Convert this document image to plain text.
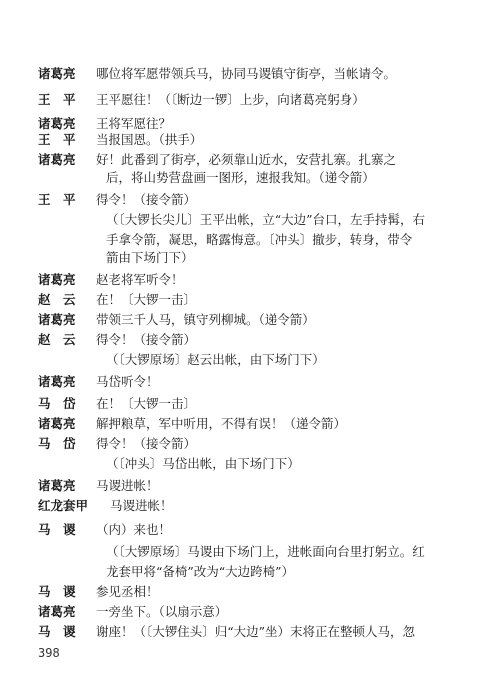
诸葛亮	哪位将军愿带领兵马，协同马谡镇守街亭，当帐请令。
王　平	王平愿往！（〔断边一锣〕上步，向诸葛亮躬身）
诸葛亮	王将军愿往？
王　平	当报国恩。（拱手）
诸葛亮	好！此番到了街亭，必须靠山近水，安营扎寨。扎寨之
后，将山势营盘画一图形，速报我知。（递令箭）
王　平	得令！（接令箭）
（〔大锣长尖儿〕王平出帐，立“大边”台口，左手持髯，右
手拿令箭，凝思，略露悔意。〔冲头〕撤步，转身，带令
箭由下场门下）
诸葛亮	赵老将军听令！
赵　云	在！〔大锣一击〕
诸葛亮	带领三千人马，镇守列柳城。（递令箭）
赵　云	得令！（接令箭）
（〔大锣原场〕赵云出帐，由下场门下）
诸葛亮	马岱听令！
马　岱	在！〔大锣一击〕
诸葛亮	解押粮草，军中听用，不得有误！（递令箭）
马　岱	得令！（接令箭）
（〔冲头〕马岱出帐，由下场门下）
诸葛亮	马谡进帐！
红龙套甲	马谡进帐！
马　谡	（内）来也！
（〔大锣原场〕马谡由下场门上，进帐面向台里打躬立。红
龙套甲将“备椅”改为“大边跨椅”）
马　谡	参见丞相！
诸葛亮	一旁坐下。（以扇示意）
马　谡	谢座！（〔大锣住头〕归“大边”坐）末将正在整顿人马，忽
398
